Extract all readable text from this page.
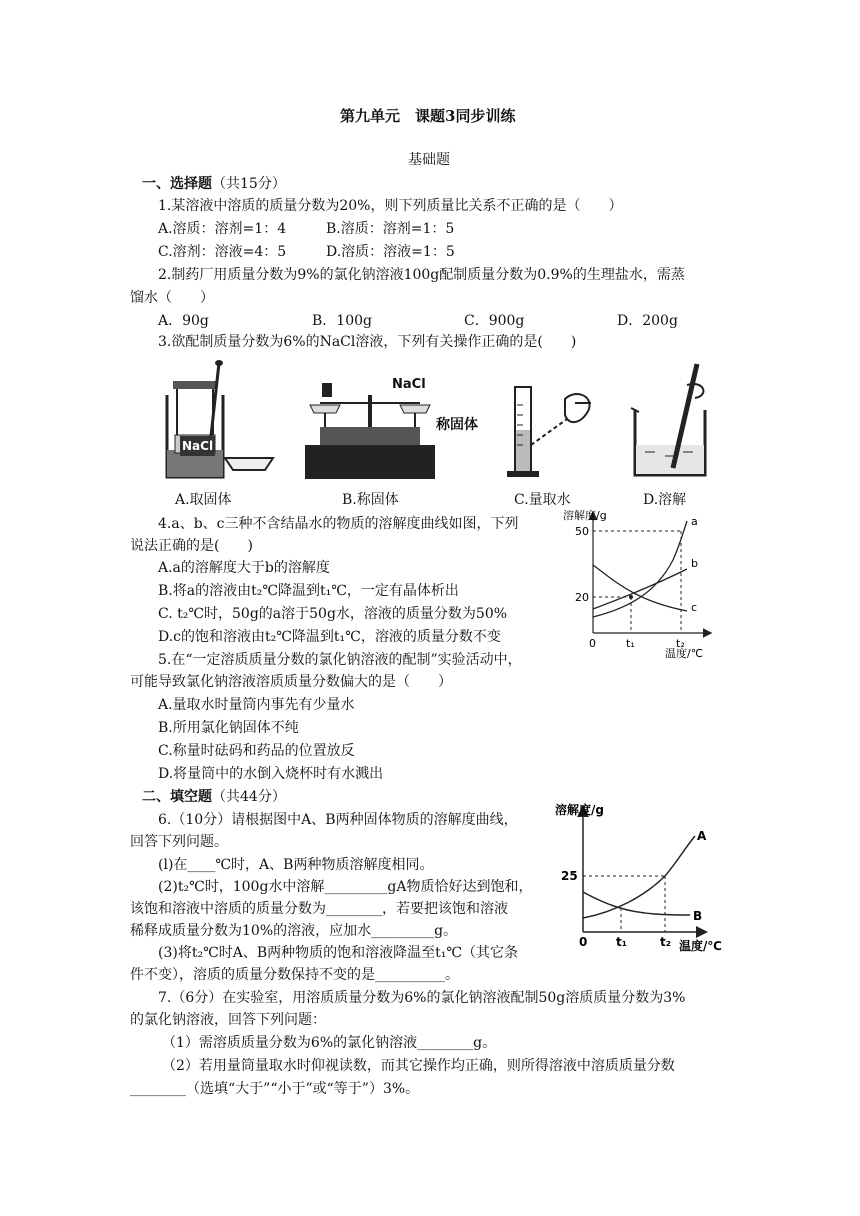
第九单元　课题3同步训练
基础题
一、选择题（共15分）
1.某溶液中溶质的质量分数为20%，则下列质量比关系不正确的是（　　）
A.溶质：溶剂=1：4	B.溶质：溶剂=1：5
C.溶剂：溶液=4：5	D.溶质：溶液=1：5
2.制药厂用质量分数为9%的氯化钠溶液100g配制质量分数为0.9%的生理盐水，需蒸
馏水（　　）
A．90g	B．100g	C．900g	D．200g
3.欲配制质量分数为6%的NaCl溶液，下列有关操作正确的是(　　)
NaCl
NaCl
称固体
A.取固体	B.称固体	C.量取水	D.溶解
4.a、b、c三种不含结晶水的物质的溶解度曲线如图，下列
说法正确的是(　　)
A.a的溶解度大于b的溶解度
B.将a的溶液由t₂℃降温到t₁℃，一定有晶体析出
C. t₂℃时，50g的a溶于50g水，溶液的质量分数为50%
D.c的饱和溶液由t₂℃降温到t₁℃，溶液的质量分数不变
溶解度/g
50
20
0	t₁	t₂
温度/℃
a
b
c
5.在“一定溶质质量分数的氯化钠溶液的配制”实验活动中，
可能导致氯化钠溶液溶质质量分数偏大的是（　　）
A.量取水时量筒内事先有少量水
B.所用氯化钠固体不纯
C.称量时砝码和药品的位置放反
D.将量筒中的水倒入烧杯时有水溅出
二、填空题（共44分）
6.（10分）请根据图中A、B两种固体物质的溶解度曲线，
回答下列问题。
(l)在____℃时，A、B两种物质溶解度相同。
(2)t₂℃时，100g水中溶解_________gA物质恰好达到饱和，
该饱和溶液中溶质的质量分数为________，若要把该饱和溶液
稀释成质量分数为10%的溶液，应加水_________g。
(3)将t₂℃时A、B两种物质的饱和溶液降温至t₁℃（其它条
件不变），溶质的质量分数保持不变的是__________。
溶解度/g
25
0 t₁	t₂ 温度/℃
A
B
7.（6分）在实验室，用溶质质量分数为6%的氯化钠溶液配制50g溶质质量分数为3%
的氯化钠溶液，回答下列问题：
（1）需溶质质量分数为6%的氯化钠溶液________g。
（2）若用量筒量取水时仰视读数，而其它操作均正确，则所得溶液中溶质质量分数
________（选填“大于”“小于”或“等于”）3%。
